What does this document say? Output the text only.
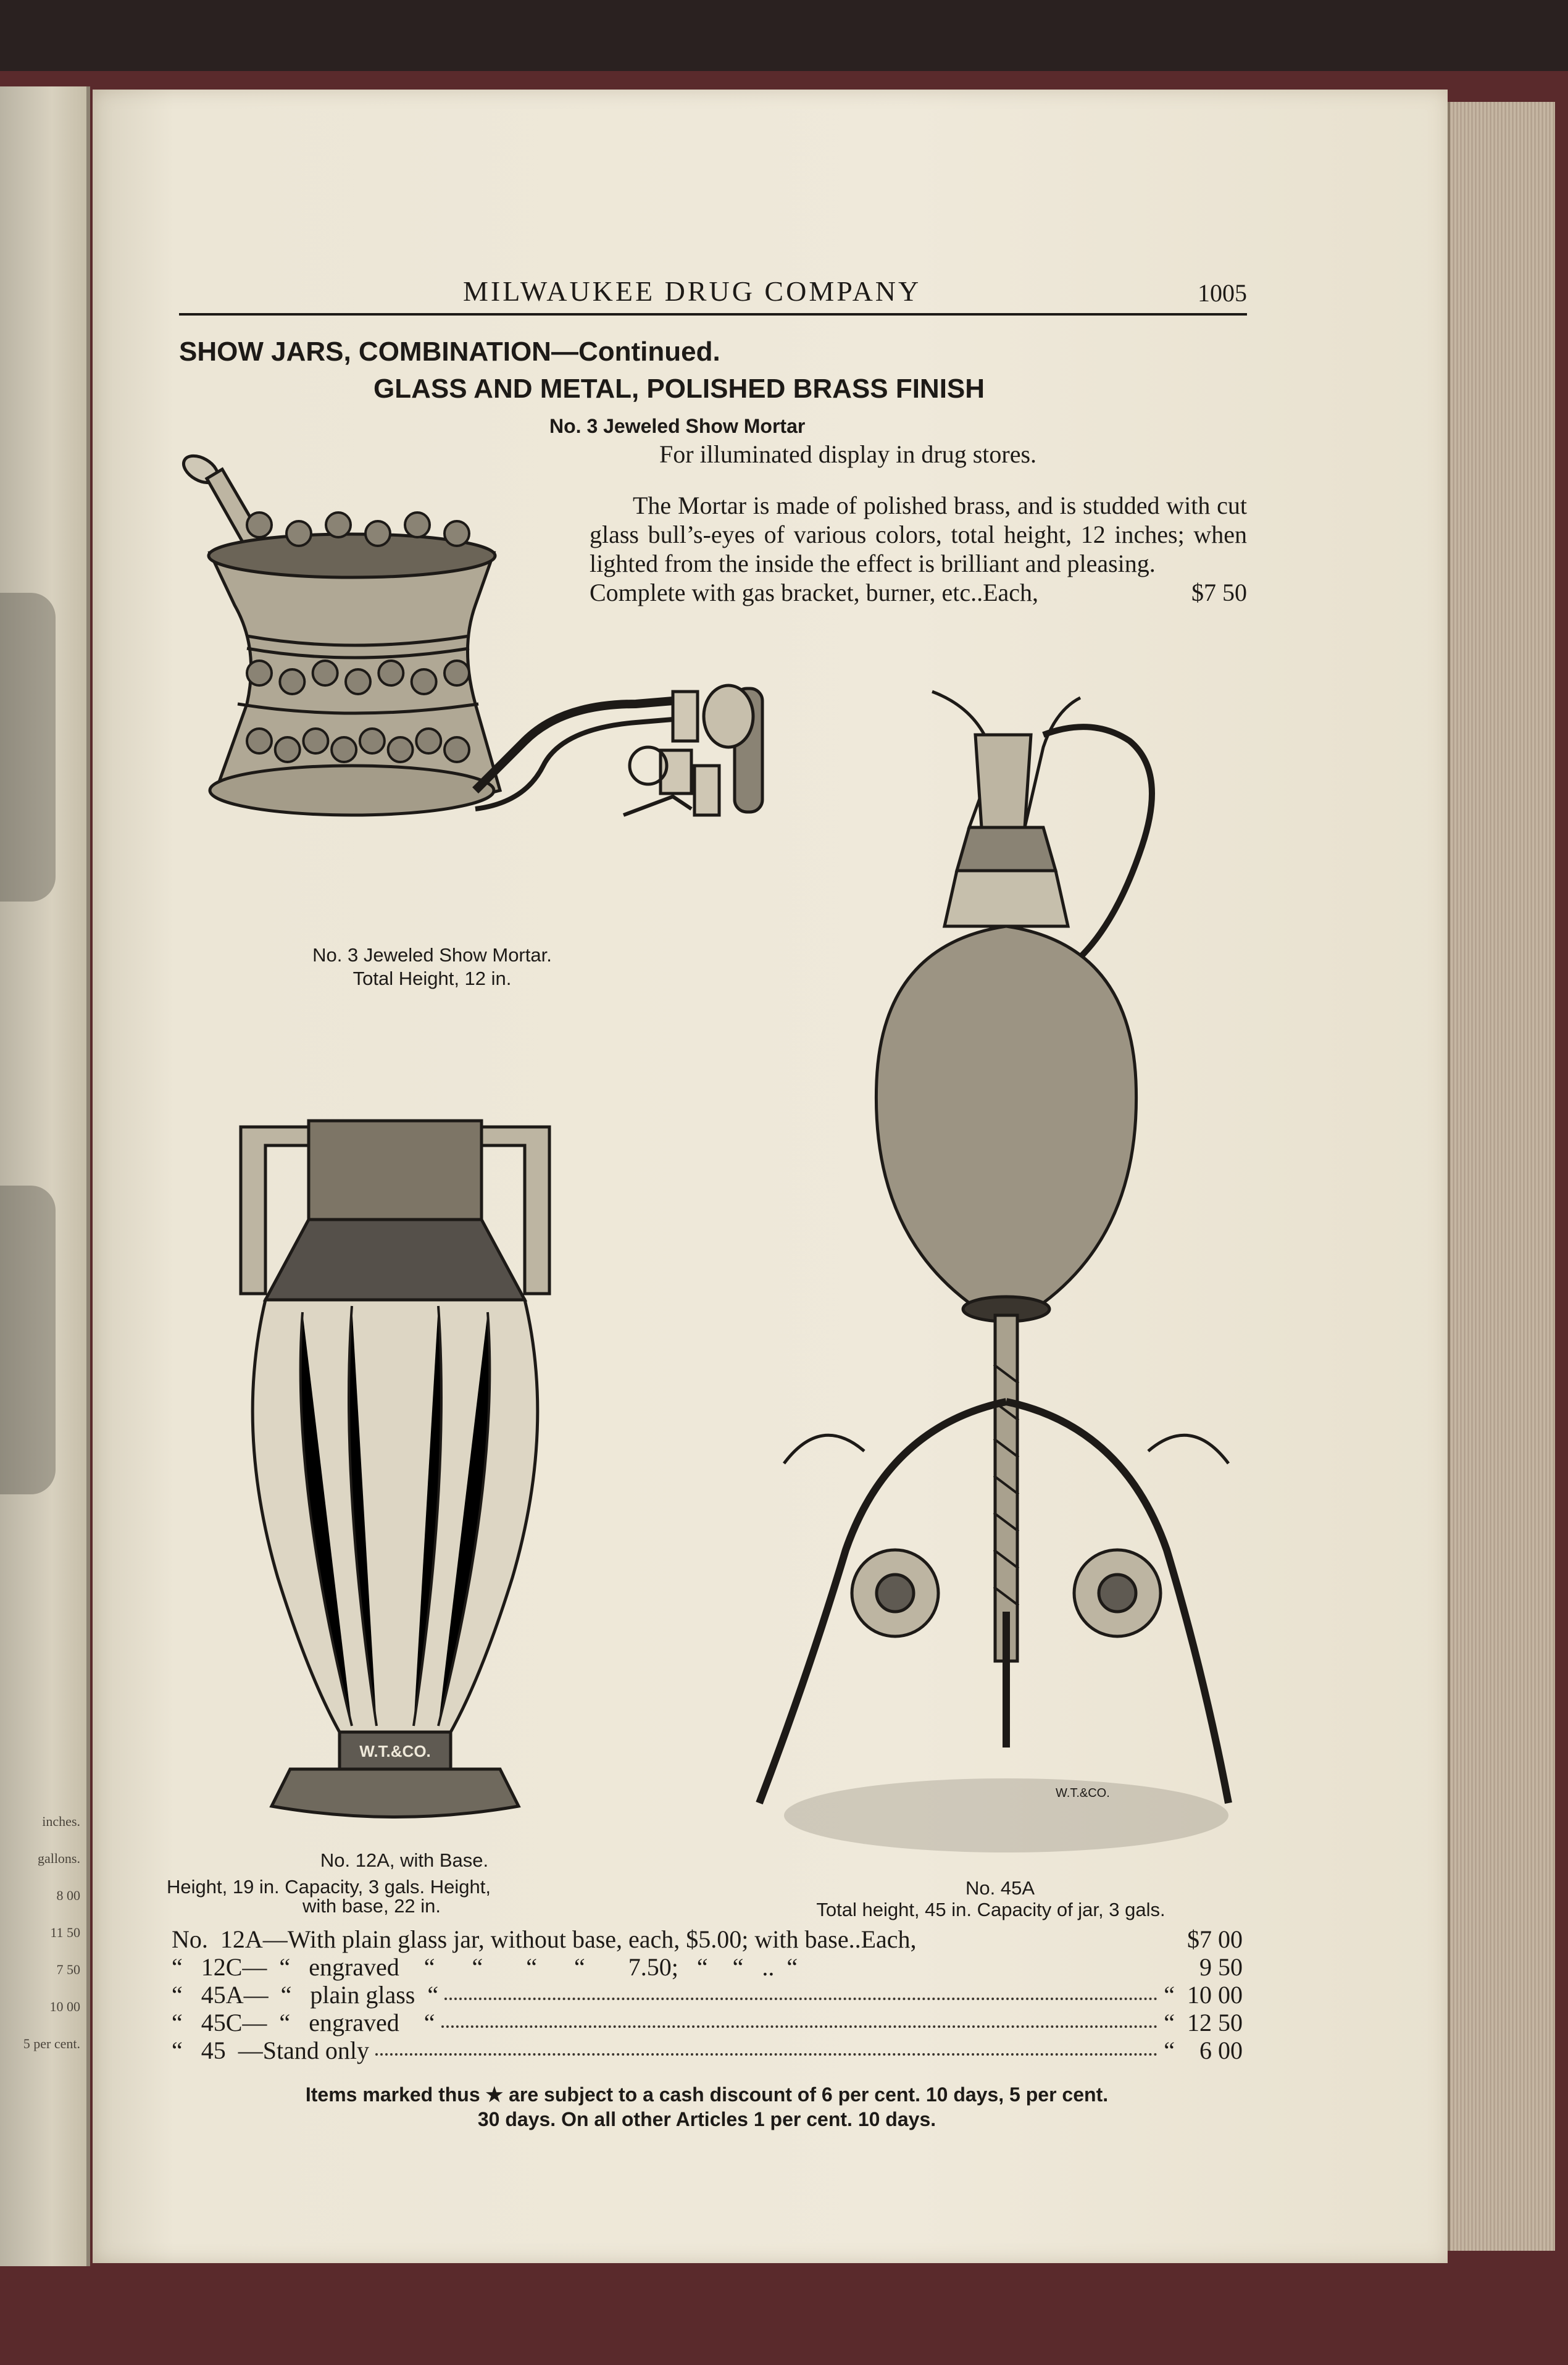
inches.
gallons.
8 00
11 50
7 50
10 00
5 per cent.
MILWAUKEE DRUG COMPANY	1005
SHOW JARS, COMBINATION—Continued.
GLASS AND METAL, POLISHED BRASS FINISH
No. 3 Jeweled Show Mortar
For illuminated display in drug stores.
The Mortar is made of polished brass, and is studded with cut glass bull’s-eyes of various colors, total height, 12 inches; when lighted from the inside the effect is brilliant and pleasing.
Complete with gas bracket, burner, etc..Each,	$7 50
No. 3 Jeweled Show Mortar.
Total Height, 12 in.
W.T.&CO.
W.T.&CO.
No. 12A, with Base.
Height, 19 in. Capacity, 3 gals. Height,
with base, 22 in.
No. 45A
Total height, 45 in. Capacity of jar, 3 gals.
No.  12A—With plain glass jar, without base, each, $5.00; with base..Each,	$7 00
“   12C—  “   engraved    “      “       “      “       7.50;   “    “   ..  “	9 50
“   45A—  “   plain glass  “	“ 10 00
“   45C—  “   engraved    “	“ 12 50
“   45  —Stand only	“	6 00
Items marked thus ★ are subject to a cash discount of 6 per cent. 10 days, 5 per cent.
30 days. On all other Articles 1 per cent. 10 days.
